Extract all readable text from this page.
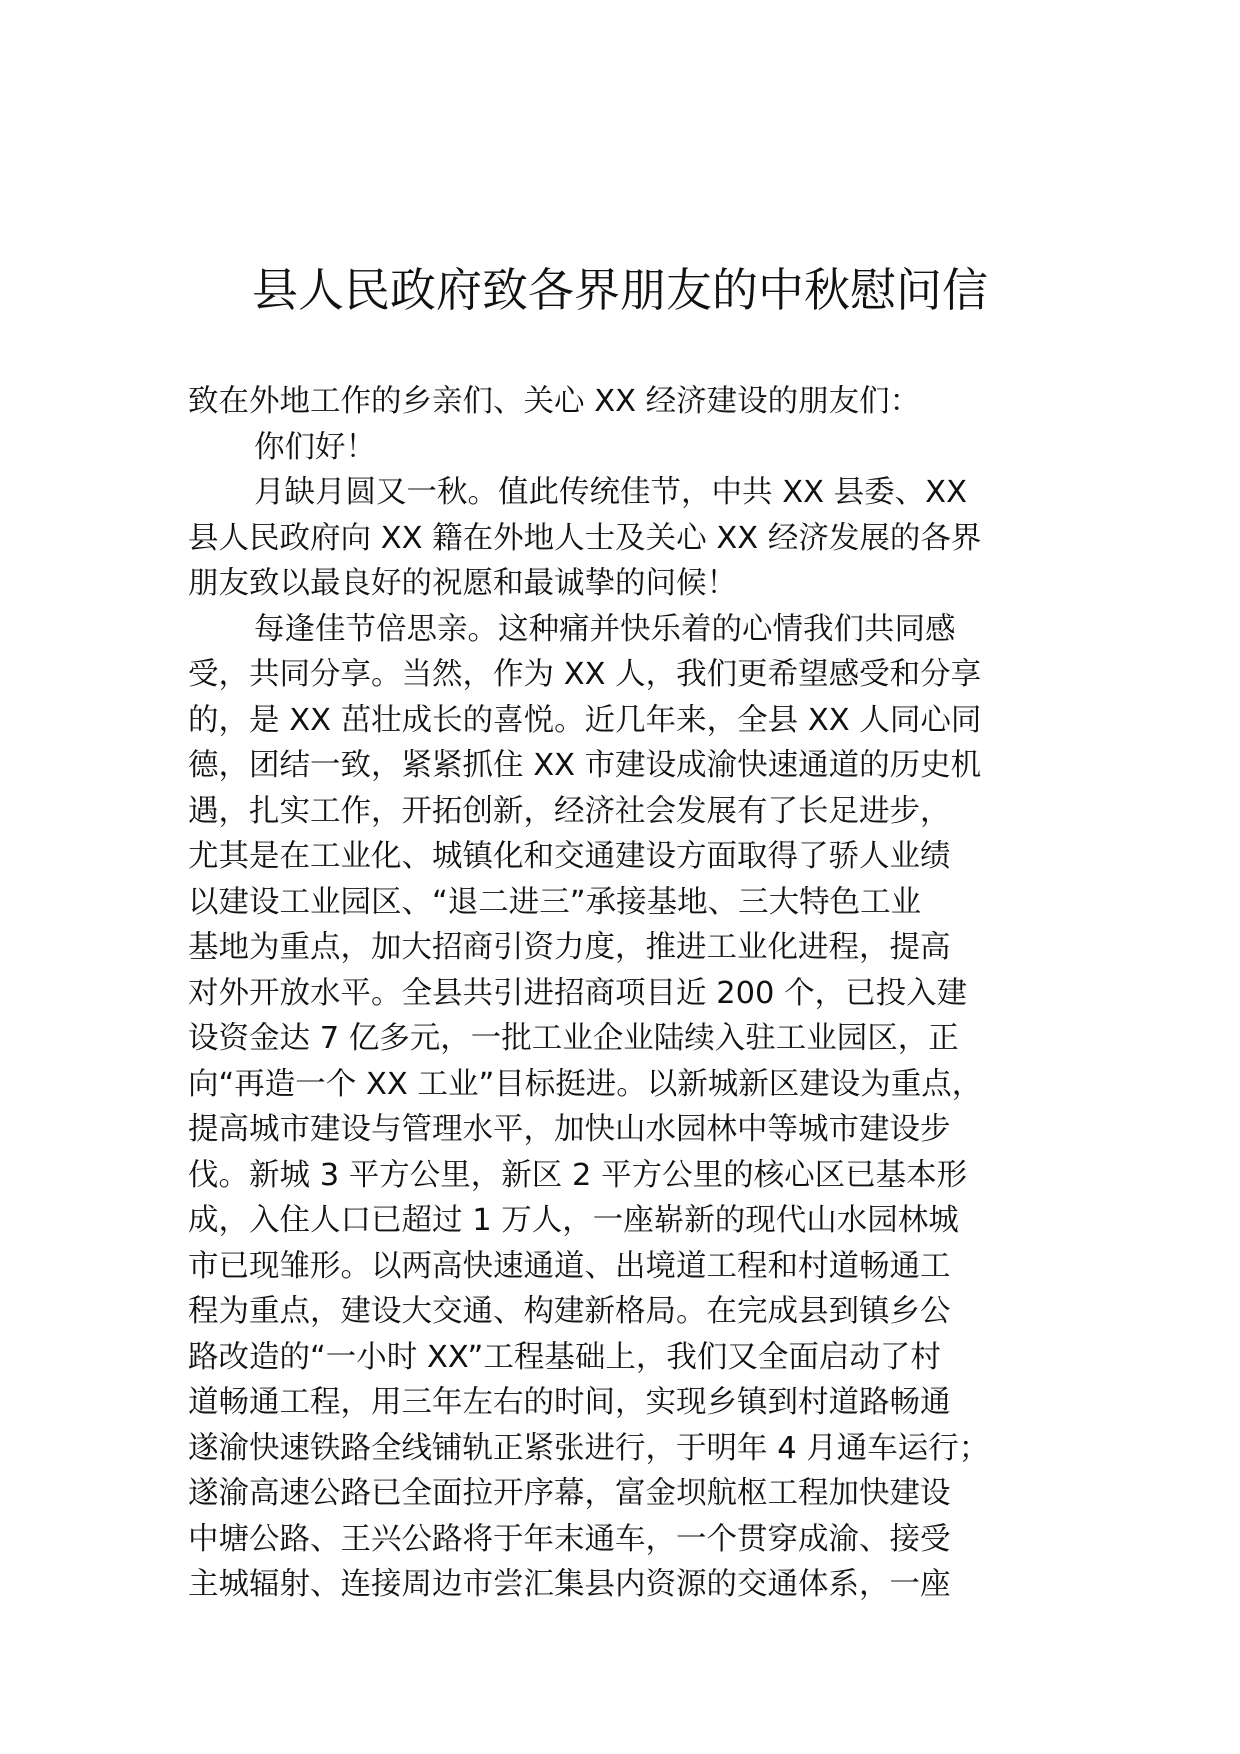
县人民政府致各界朋友的中秋慰问信
致在外地工作的乡亲们、关心 XX 经济建设的朋友们：
你们好！
月缺月圆又一秋。值此传统佳节，中共 XX 县委、XX
县人民政府向 XX 籍在外地人士及关心 XX 经济发展的各界
朋友致以最良好的祝愿和最诚挚的问候！
每逢佳节倍思亲。这种痛并快乐着的心情我们共同感
受，共同分享。当然，作为 XX 人，我们更希望感受和分享
的，是 XX 茁壮成长的喜悦。近几年来，全县 XX 人同心同
德，团结一致，紧紧抓住 XX 市建设成渝快速通道的历史机
遇，扎实工作，开拓创新，经济社会发展有了长足进步，
尤其是在工业化、城镇化和交通建设方面取得了骄人业绩
以建设工业园区、“退二进三”承接基地、三大特色工业
基地为重点，加大招商引资力度，推进工业化进程，提高
对外开放水平。全县共引进招商项目近 200 个，已投入建
设资金达 7 亿多元，一批工业企业陆续入驻工业园区，正
向“再造一个 XX 工业”目标挺进。以新城新区建设为重点，
提高城市建设与管理水平，加快山水园林中等城市建设步
伐。新城 3 平方公里，新区 2 平方公里的核心区已基本形
成，入住人口已超过 1 万人，一座崭新的现代山水园林城
市已现雏形。以两高快速通道、出境道工程和村道畅通工
程为重点，建设大交通、构建新格局。在完成县到镇乡公
路改造的“一小时 XX”工程基础上，我们又全面启动了村
道畅通工程，用三年左右的时间，实现乡镇到村道路畅通
遂渝快速铁路全线铺轨正紧张进行，于明年 4 月通车运行；
遂渝高速公路已全面拉开序幕，富金坝航枢工程加快建设
中塘公路、王兴公路将于年末通车，一个贯穿成渝、接受
主城辐射、连接周边市尝汇集县内资源的交通体系，一座
